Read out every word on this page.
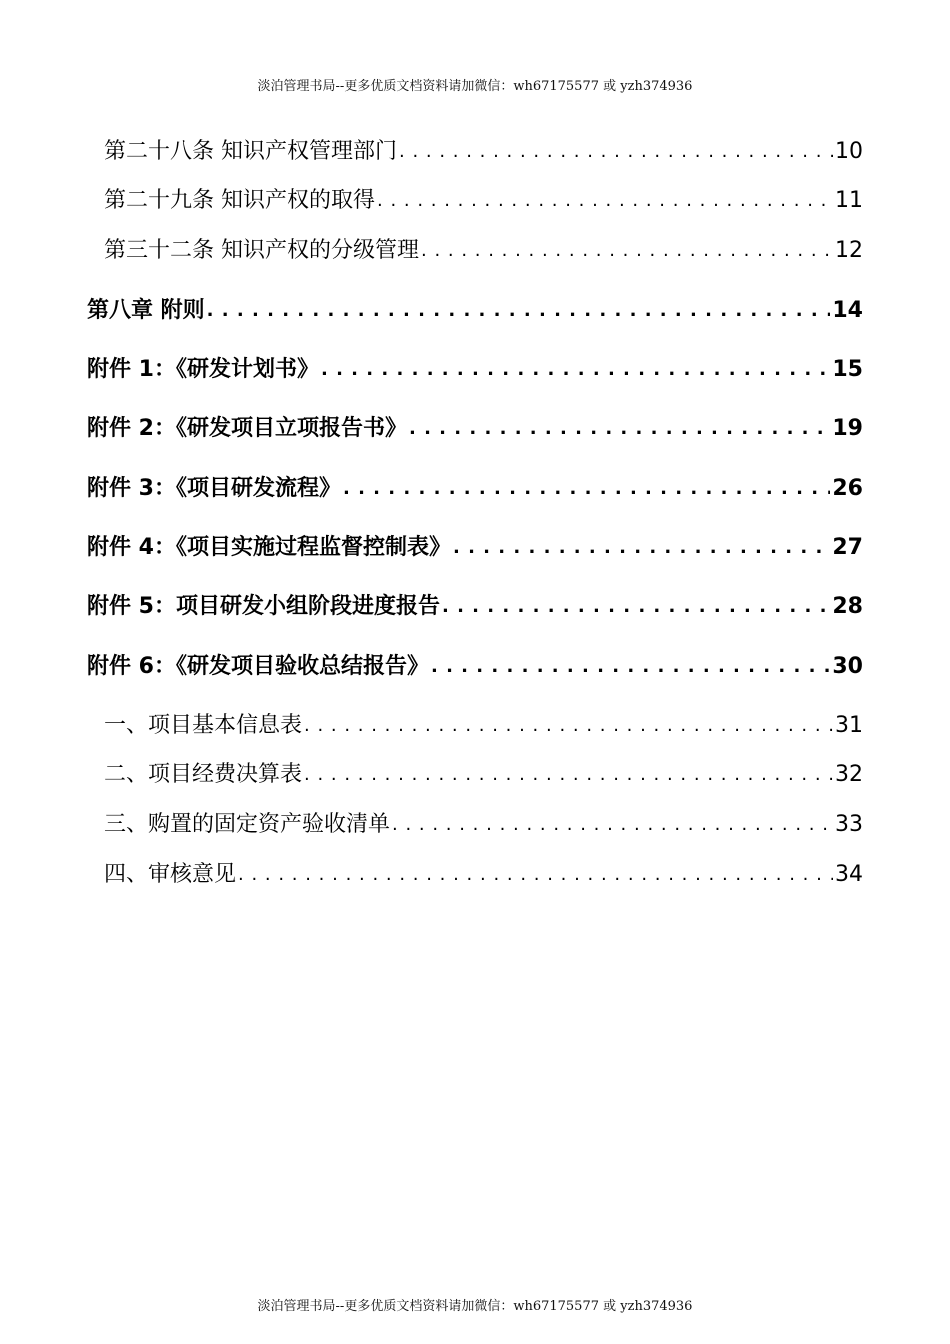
淡泊管理书局--更多优质文档资料请加微信：wh67175577 或 yzh374936
第二十八条 知识产权管理部门 . . .	10
第二十九条 知识产权的取得 . . .	11
第三十二条 知识产权的分级管理 . . .	12
第八章 附则 . . .	14
附件 1：《研发计划书》 . . .	15
附件 2：《研发项目立项报告书》 . . .	19
附件 3：《项目研发流程》 . . .	26
附件 4：《项目实施过程监督控制表》 . . .	27
附件 5：项目研发小组阶段进度报告 . . .	28
附件 6：《研发项目验收总结报告》 . . .	30
一、项目基本信息表 . . .	31
二、项目经费决算表 . . .	32
三、购置的固定资产验收清单 . . .	33
四、审核意见 . . .	34
淡泊管理书局--更多优质文档资料请加微信：wh67175577 或 yzh374936
